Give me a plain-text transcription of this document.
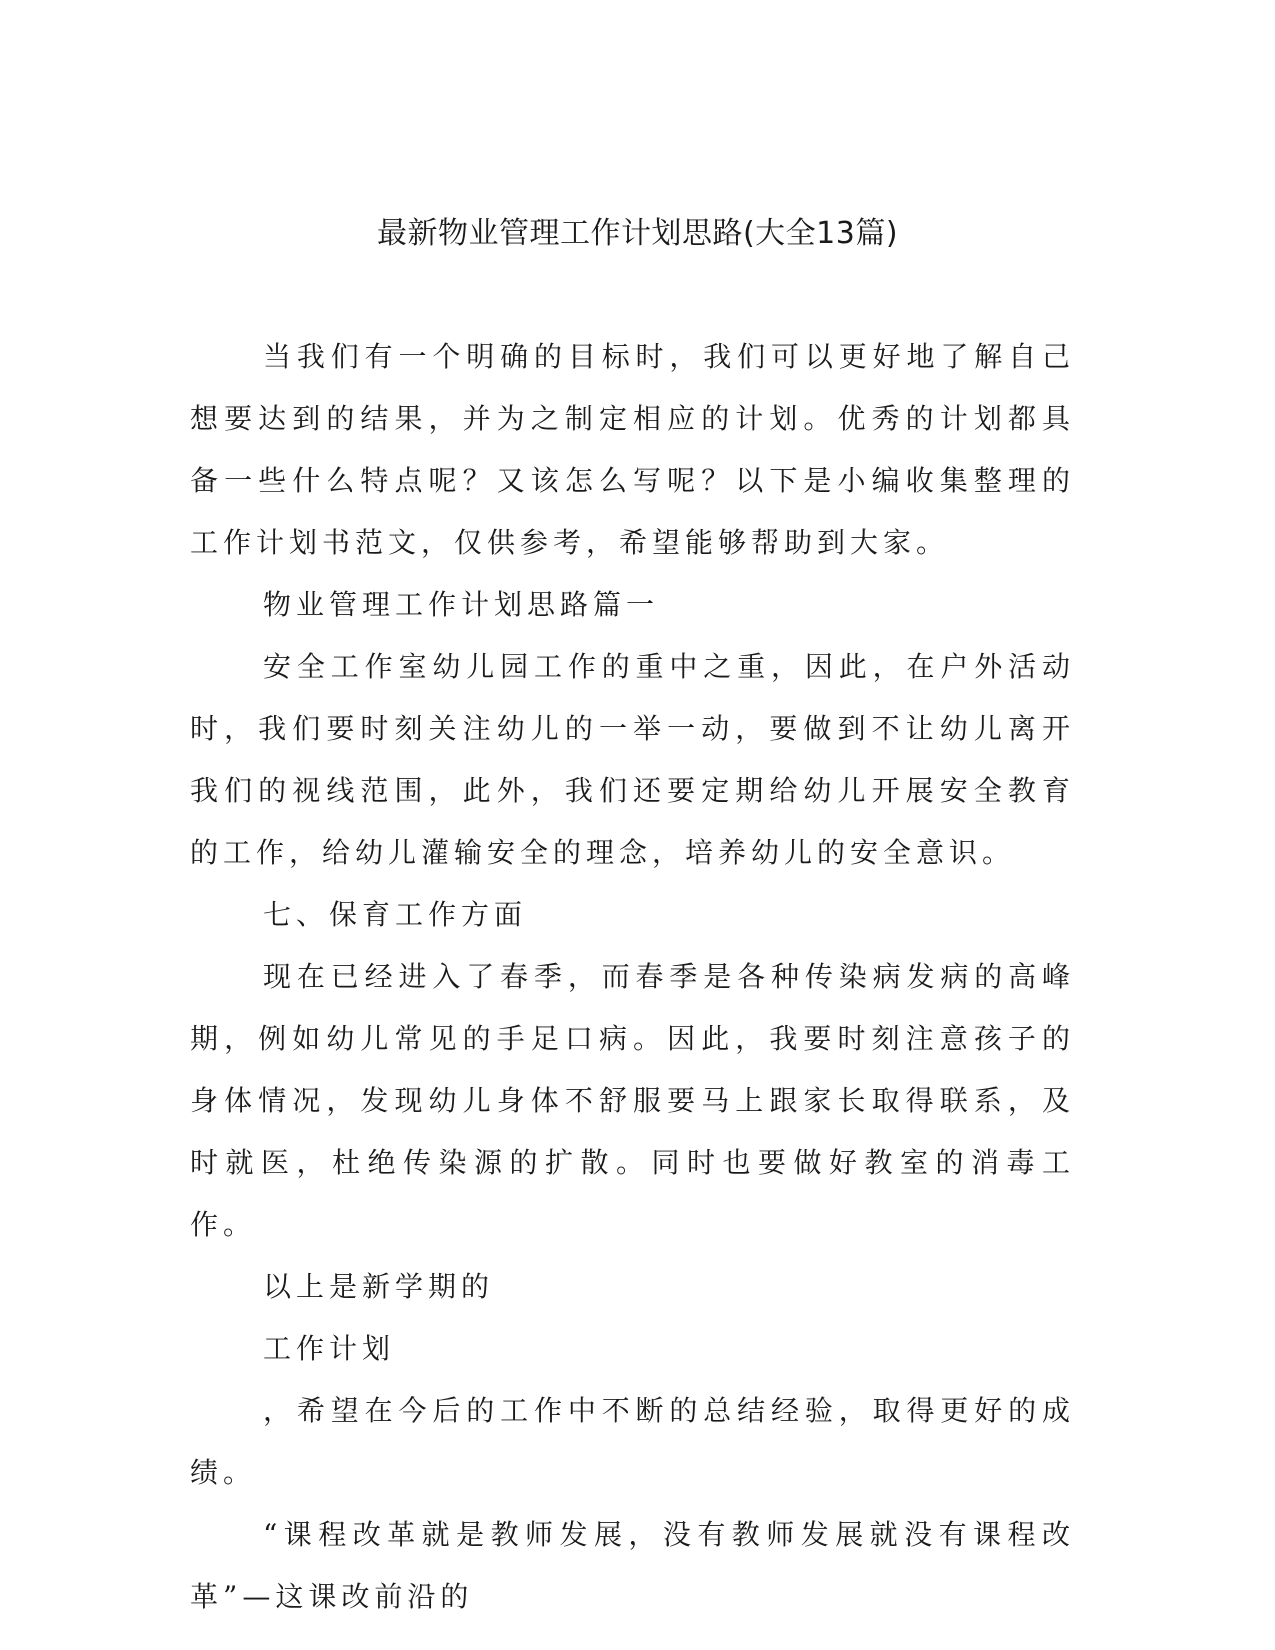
最新物业管理工作计划思路(大全13篇)

当我们有一个明确的目标时，我们可以更好地了解自己想要达到的结果，并为之制定相应的计划。优秀的计划都具备一些什么特点呢？又该怎么写呢？以下是小编收集整理的工作计划书范文，仅供参考，希望能够帮助到大家。

物业管理工作计划思路篇一

安全工作室幼儿园工作的重中之重，因此，在户外活动时，我们要时刻关注幼儿的一举一动，要做到不让幼儿离开我们的视线范围，此外，我们还要定期给幼儿开展安全教育的工作，给幼儿灌输安全的理念，培养幼儿的安全意识。

七、保育工作方面

现在已经进入了春季，而春季是各种传染病发病的高峰期，例如幼儿常见的手足口病。因此，我要时刻注意孩子的身体情况，发现幼儿身体不舒服要马上跟家长取得联系，及时就医，杜绝传染源的扩散。同时也要做好教室的消毒工作。

以上是新学期的

工作计划

，希望在今后的工作中不断的总结经验，取得更好的成绩。

“课程改革就是教师发展，没有教师发展就没有课程改革”—这课改前沿的
